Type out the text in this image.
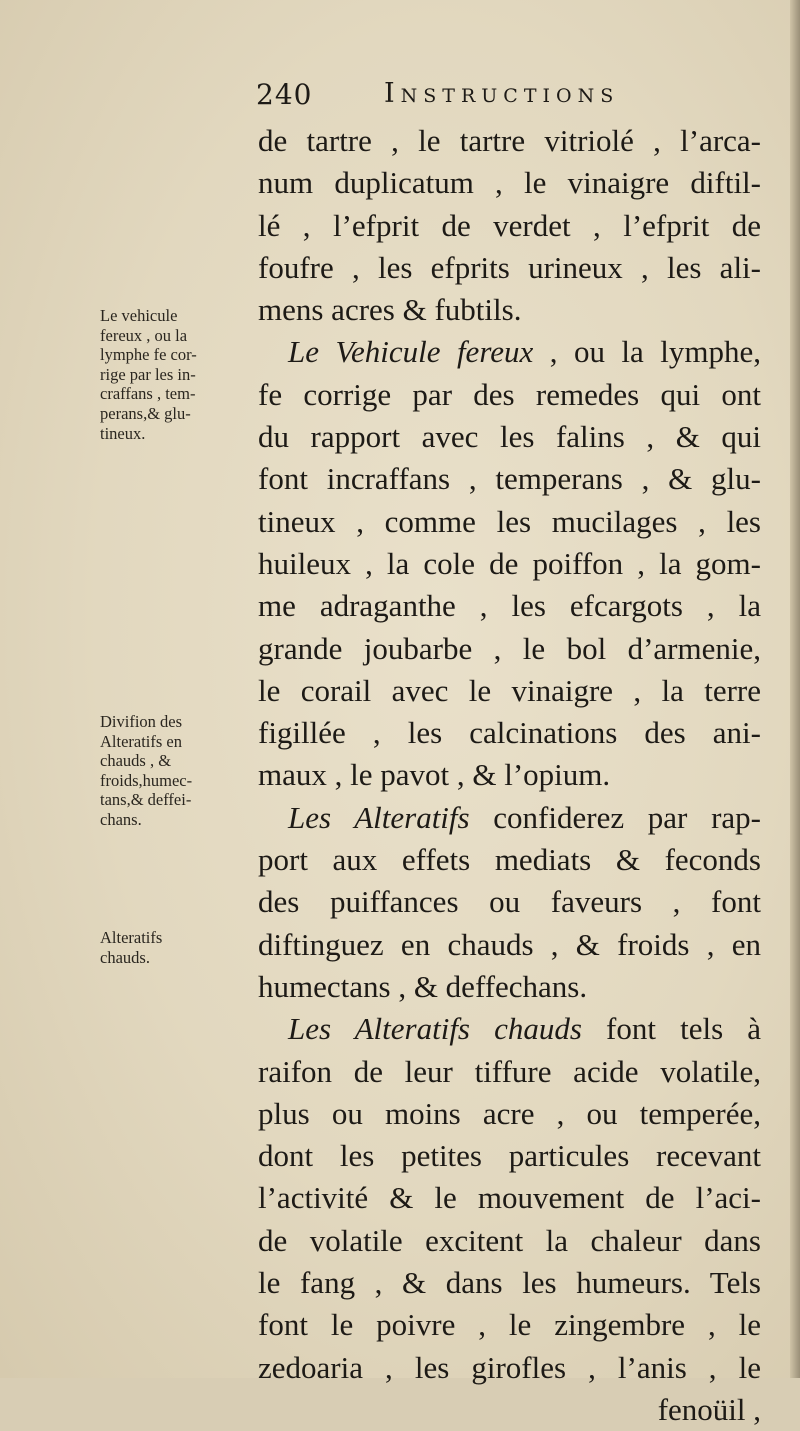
240	Instructions
Le vehicule
fereux , ou la
lymphe fe cor-
rige par les in-
craffans , tem-
perans,& glu-
tineux.
Divifion des
Alteratifs en
chauds , &
froids,humec-
tans,& deffei-
chans.
Alteratifs
chauds.
de tartre , le tartre vitriolé , l’arca-
num duplicatum , le vinaigre diftil-
lé , l’efprit de verdet , l’efprit de
foufre , les efprits urineux , les ali-
mens acres & fubtils.
Le Vehicule fereux , ou la lymphe,
fe corrige par des remedes qui ont
du rapport avec les falins , & qui
font incraffans , temperans , & glu-
tineux , comme les mucilages , les
huileux , la cole de poiffon , la gom-
me adraganthe , les efcargots , la
grande joubarbe , le bol d’armenie,
le corail avec le vinaigre , la terre
figillée , les calcinations des ani-
maux , le pavot , & l’opium.
Les Alteratifs confiderez par rap-
port aux effets mediats & feconds
des puiffances ou faveurs , font
diftinguez en chauds , & froids , en
humectans , & deffechans.
Les Alteratifs chauds font tels à
raifon de leur tiffure acide volatile,
plus ou moins acre , ou temperée,
dont les petites particules recevant
l’activité & le mouvement de l’aci-
de volatile excitent la chaleur dans
le fang , & dans les humeurs. Tels
font le poivre , le zingembre , le
zedoaria , les girofles , l’anis , le
fenoüil ,
